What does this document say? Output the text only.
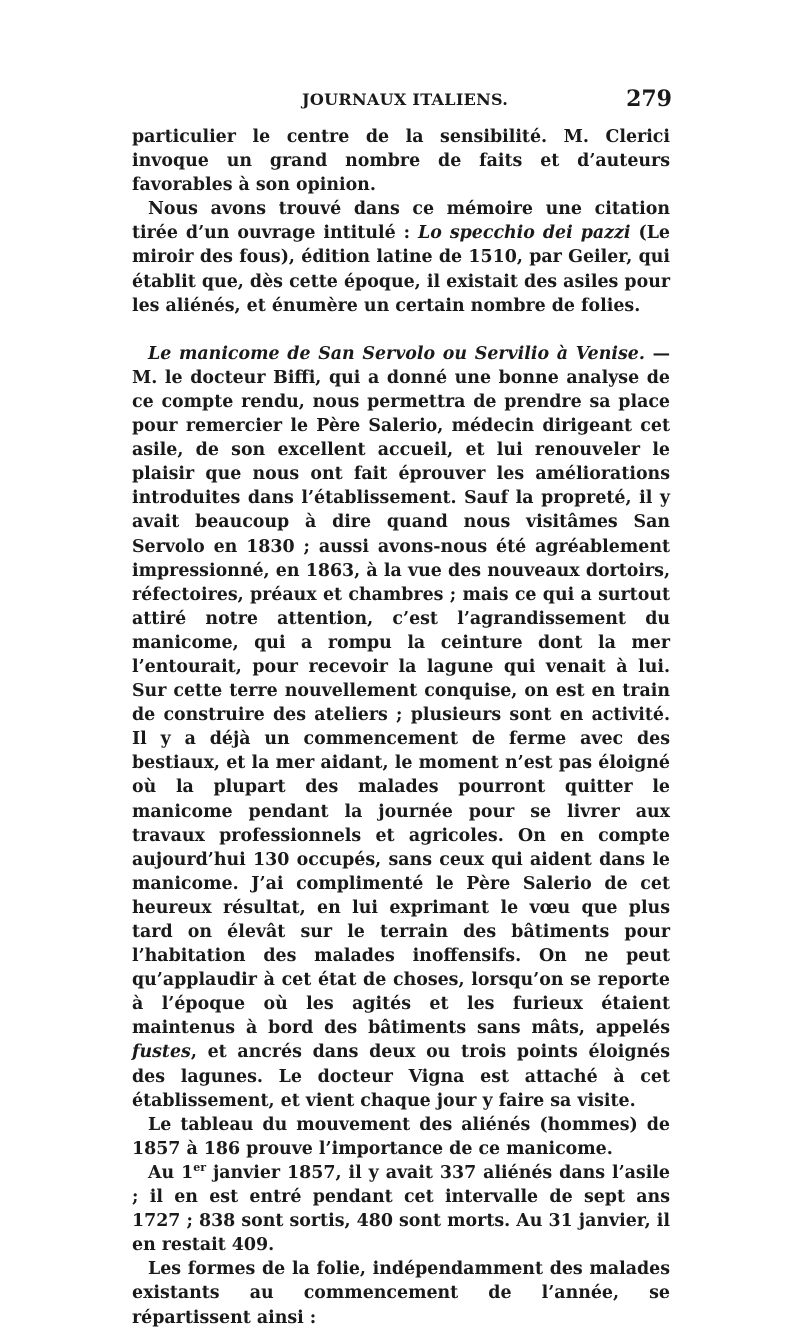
JOURNAUX ITALIENS.	279

particulier le centre de la sensibilité. M. Clerici invoque un grand nombre de faits et d’auteurs favorables à son opinion.

Nous avons trouvé dans ce mémoire une citation tirée d’un ouvrage intitulé : Lo specchio dei pazzi (Le miroir des fous), édition latine de 1510, par Geiler, qui établit que, dès cette époque, il existait des asiles pour les aliénés, et énumère un certain nombre de folies.

Le manicome de San Servolo ou Servilio à Venise. — M. le docteur Biffi, qui a donné une bonne analyse de ce compte rendu, nous permettra de prendre sa place pour remercier le Père Salerio, médecin dirigeant cet asile, de son excellent accueil, et lui renouveler le plaisir que nous ont fait éprouver les améliorations introduites dans l’établissement. Sauf la propreté, il y avait beaucoup à dire quand nous visitâmes San Servolo en 1830 ; aussi avons-nous été agréablement impressionné, en 1863, à la vue des nouveaux dortoirs, réfectoires, préaux et chambres ; mais ce qui a surtout attiré notre attention, c’est l’agrandissement du manicome, qui a rompu la ceinture dont la mer l’entourait, pour recevoir la lagune qui venait à lui. Sur cette terre nouvellement conquise, on est en train de construire des ateliers ; plusieurs sont en activité. Il y a déjà un commencement de ferme avec des bestiaux, et la mer aidant, le moment n’est pas éloigné où la plupart des malades pourront quitter le manicome pendant la journée pour se livrer aux travaux professionnels et agricoles. On en compte aujourd’hui 130 occupés, sans ceux qui aident dans le manicome. J’ai complimenté le Père Salerio de cet heureux résultat, en lui exprimant le vœu que plus tard on élevât sur le terrain des bâtiments pour l’habitation des malades inoffensifs. On ne peut qu’applaudir à cet état de choses, lorsqu’on se reporte à l’époque où les agités et les furieux étaient maintenus à bord des bâtiments sans mâts, appelés fustes, et ancrés dans deux ou trois points éloignés des lagunes. Le docteur Vigna est attaché à cet établissement, et vient chaque jour y faire sa visite.

Le tableau du mouvement des aliénés (hommes) de 1857 à 186 prouve l’importance de ce manicome.

Au 1er janvier 1857, il y avait 337 aliénés dans l’asile ; il en est entré pendant cet intervalle de sept ans 1727 ; 838 sont sortis, 480 sont morts. Au 31 janvier, il en restait 409.

Les formes de la folie, indépendamment des malades existants au commencement de l’année, se répartissent ainsi :
